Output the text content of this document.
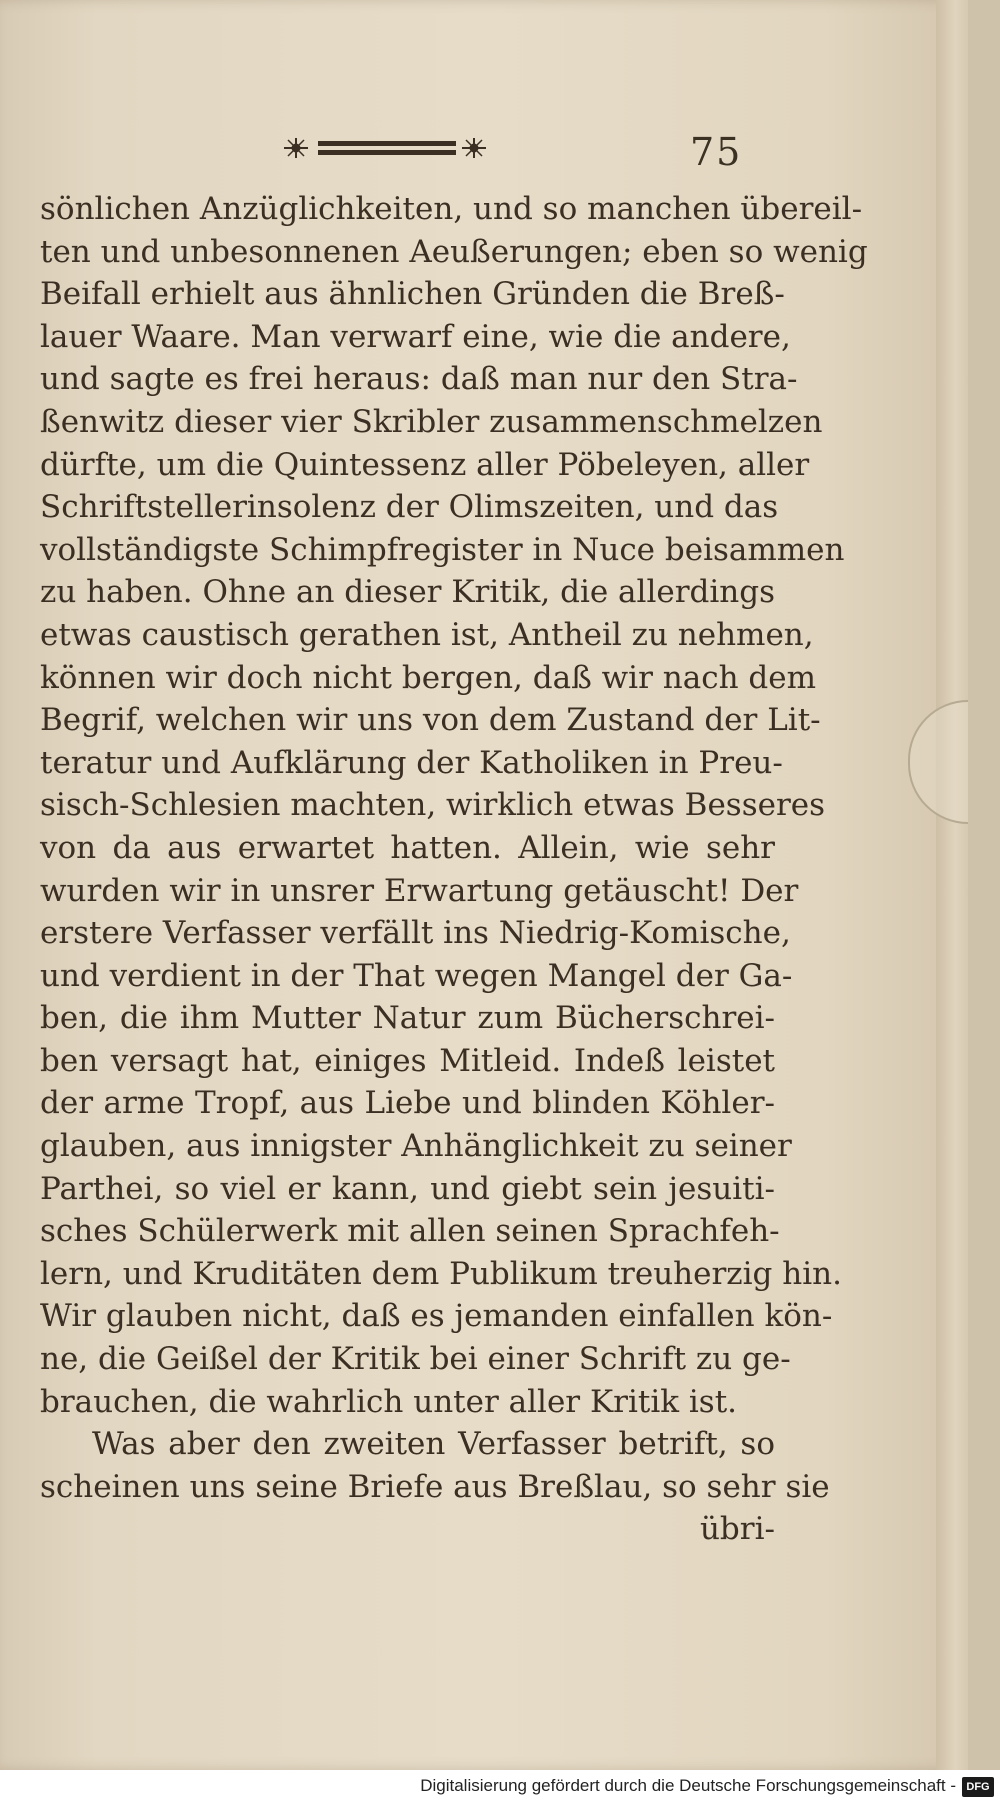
75
sönlichen Anzüglichkeiten, und so manchen übereil-
ten und unbesonnenen Aeußerungen; eben so wenig
Beifall erhielt aus ähnlichen Gründen die Breß-
lauer Waare. Man verwarf eine, wie die andere,
und sagte es frei heraus: daß man nur den Stra-
ßenwitz dieser vier Skribler zusammenschmelzen
dürfte, um die Quintessenz aller Pöbeleyen, aller
Schriftstellerinsolenz der Olimszeiten, und das
vollständigste Schimpfregister in Nuce beisammen
zu haben. Ohne an dieser Kritik, die allerdings
etwas caustisch gerathen ist, Antheil zu nehmen,
können wir doch nicht bergen, daß wir nach dem
Begrif, welchen wir uns von dem Zustand der Lit-
teratur und Aufklärung der Katholiken in Preu-
sisch-Schlesien machten, wirklich etwas Besseres
von da aus erwartet hatten. Allein, wie sehr
wurden wir in unsrer Erwartung getäuscht! Der
erstere Verfasser verfällt ins Niedrig-Komische,
und verdient in der That wegen Mangel der Ga-
ben, die ihm Mutter Natur zum Bücherschrei-
ben versagt hat, einiges Mitleid. Indeß leistet
der arme Tropf, aus Liebe und blinden Köhler-
glauben, aus innigster Anhänglichkeit zu seiner
Parthei, so viel er kann, und giebt sein jesuiti-
sches Schülerwerk mit allen seinen Sprachfeh-
lern, und Kruditäten dem Publikum treuherzig hin.
Wir glauben nicht, daß es jemanden einfallen kön-
ne, die Geißel der Kritik bei einer Schrift zu ge-
brauchen, die wahrlich unter aller Kritik ist.
Was aber den zweiten Verfasser betrift, so
scheinen uns seine Briefe aus Breßlau, so sehr sie
übri-
Digitalisierung gefördert durch die Deutsche Forschungsgemeinschaft - DFG
